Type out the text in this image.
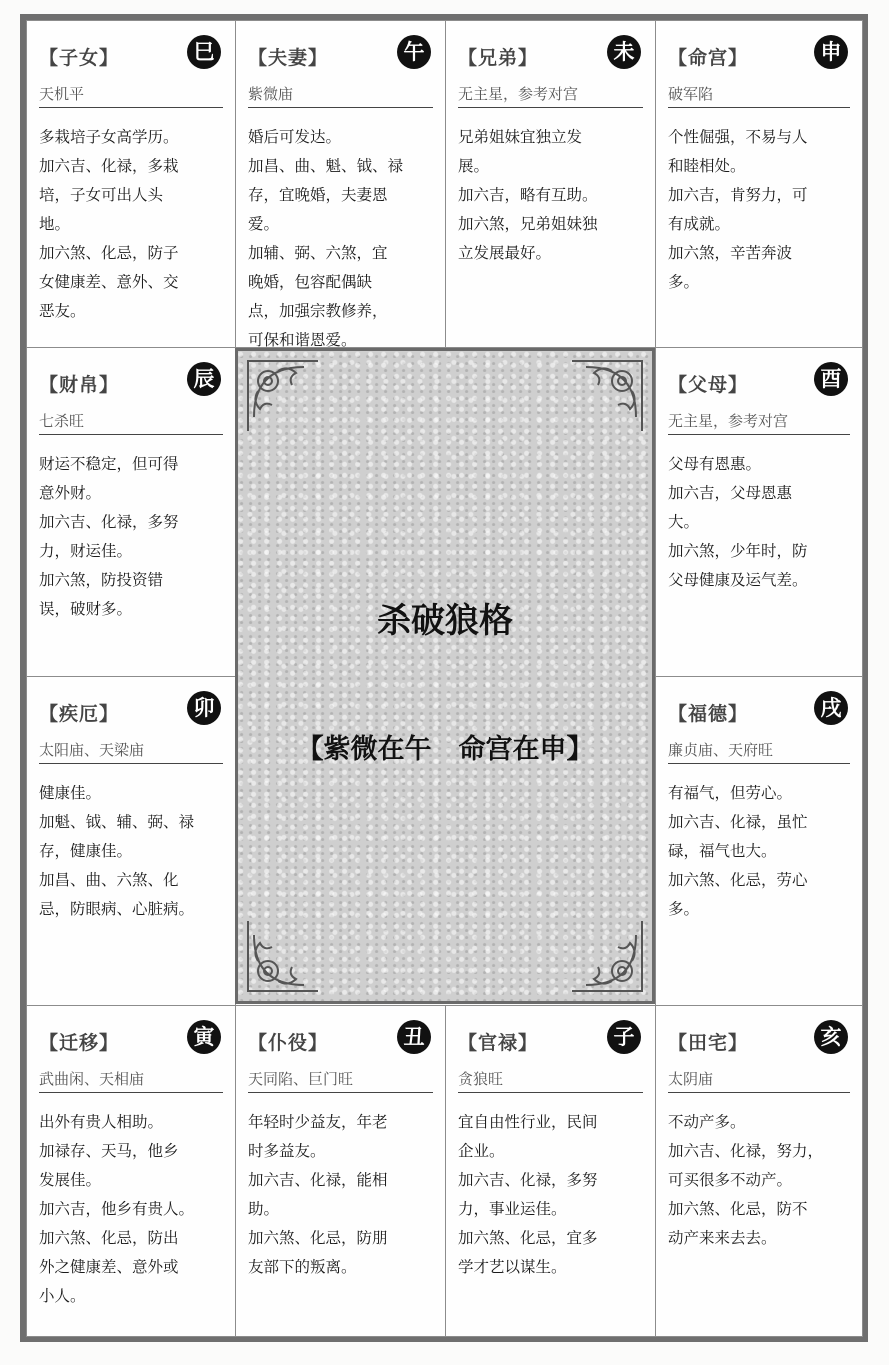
【子女】	巳
天机平
多栽培子女高学历。
加六吉、化禄，多栽
培，子女可出人头
地。
加六煞、化忌，防子
女健康差、意外、交
恶友。
【夫妻】	午
紫微庙
婚后可发达。
加昌、曲、魁、钺、禄
存，宜晚婚，夫妻恩
爱。
加辅、弼、六煞，宜
晚婚，包容配偶缺
点，加强宗教修养，
可保和谐恩爱。
【兄弟】	未
无主星，参考对宫
兄弟姐妹宜独立发
展。
加六吉，略有互助。
加六煞，兄弟姐妹独
立发展最好。
【命宫】	申
破军陷
个性倔强，不易与人
和睦相处。
加六吉，肯努力，可
有成就。
加六煞，辛苦奔波
多。
【财帛】	辰
七杀旺
财运不稳定，但可得
意外财。
加六吉、化禄，多努
力，财运佳。
加六煞，防投资错
误，破财多。
【疾厄】	卯
太阳庙、天梁庙
健康佳。
加魁、钺、辅、弼、禄
存，健康佳。
加昌、曲、六煞、化
忌，防眼病、心脏病。
【父母】	酉
无主星，参考对宫
父母有恩惠。
加六吉，父母恩惠
大。
加六煞，少年时，防
父母健康及运气差。
【福德】	戌
廉贞庙、天府旺
有福气，但劳心。
加六吉、化禄，虽忙
碌，福气也大。
加六煞、化忌，劳心
多。
【迁移】	寅
武曲闲、天相庙
出外有贵人相助。
加禄存、天马，他乡
发展佳。
加六吉，他乡有贵人。
加六煞、化忌，防出
外之健康差、意外或
小人。
【仆役】	丑
天同陷、巨门旺
年轻时少益友，年老
时多益友。
加六吉、化禄，能相
助。
加六煞、化忌，防朋
友部下的叛离。
【官禄】	子
贪狼旺
宜自由性行业，民间
企业。
加六吉、化禄，多努
力，事业运佳。
加六煞、化忌，宜多
学才艺以谋生。
【田宅】	亥
太阴庙
不动产多。
加六吉、化禄，努力，
可买很多不动产。
加六煞、化忌，防不
动产来来去去。
杀破狼格
【紫微在午　命宫在申】
